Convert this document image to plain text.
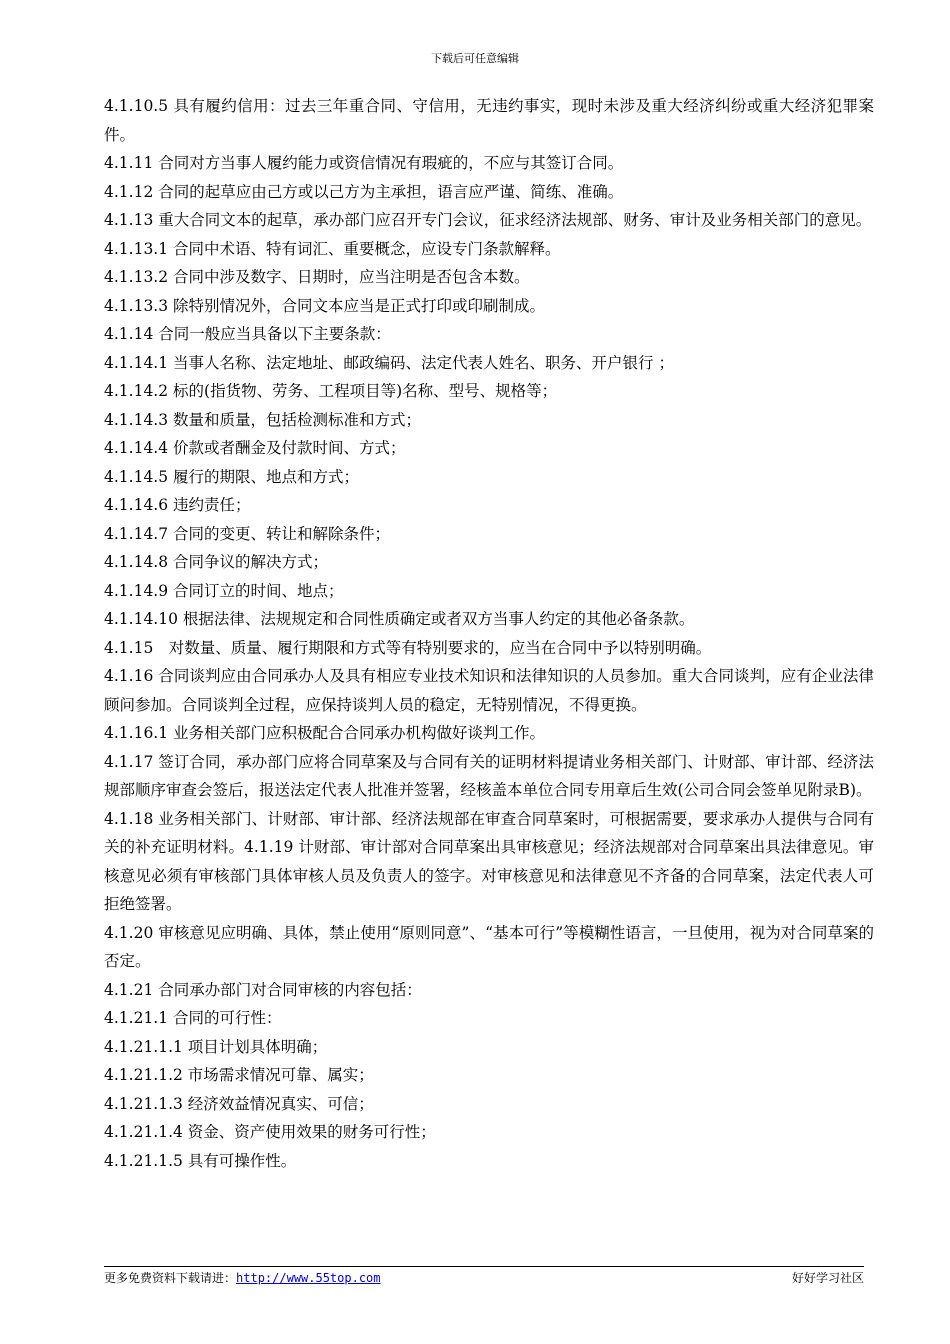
下载后可任意编辑

4.1.10.5 具有履约信用：过去三年重合同、守信用，无违约事实，现时未涉及重大经济纠纷或重大经济犯罪案件。

4.1.11 合同对方当事人履约能力或资信情况有瑕疵的，不应与其签订合同。

4.1.12 合同的起草应由己方或以己方为主承担，语言应严谨、简练、准确。

4.1.13 重大合同文本的起草，承办部门应召开专门会议，征求经济法规部、财务、审计及业务相关部门的意见。

4.1.13.1 合同中术语、特有词汇、重要概念，应设专门条款解释。

4.1.13.2 合同中涉及数字、日期时，应当注明是否包含本数。

4.1.13.3 除特别情况外，合同文本应当是正式打印或印刷制成。

4.1.14 合同一般应当具备以下主要条款：

4.1.14.1 当事人名称、法定地址、邮政编码、法定代表人姓名、职务、开户银行 ；

4.1.14.2 标的(指货物、劳务、工程项目等)名称、型号、规格等；

4.1.14.3 数量和质量，包括检测标准和方式；

4.1.14.4 价款或者酬金及付款时间、方式；

4.1.14.5 履行的期限、地点和方式；

4.1.14.6 违约责任；

4.1.14.7 合同的变更、转让和解除条件；

4.1.14.8 合同争议的解决方式；

4.1.14.9 合同订立的时间、地点；

4.1.14.10 根据法律、法规规定和合同性质确定或者双方当事人约定的其他必备条款。

4.1.15　对数量、质量、履行期限和方式等有特别要求的，应当在合同中予以特别明确。

4.1.16 合同谈判应由合同承办人及具有相应专业技术知识和法律知识的人员参加。重大合同谈判，应有企业法律顾问参加。合同谈判全过程，应保持谈判人员的稳定，无特别情况，不得更换。

4.1.16.1 业务相关部门应积极配合合同承办机构做好谈判工作。

4.1.17 签订合同，承办部门应将合同草案及与合同有关的证明材料提请业务相关部门、计财部、审计部、经济法规部顺序审查会签后，报送法定代表人批准并签署，经核盖本单位合同专用章后生效(公司合同会签单见附录B)。

4.1.18 业务相关部门、计财部、审计部、经济法规部在审查合同草案时，可根据需要，要求承办人提供与合同有关的补充证明材料。4.1.19 计财部、审计部对合同草案出具审核意见；经济法规部对合同草案出具法律意见。审核意见必须有审核部门具体审核人员及负责人的签字。对审核意见和法律意见不齐备的合同草案，法定代表人可拒绝签署。

4.1.20 审核意见应明确、具体，禁止使用“原则同意”、“基本可行”等模糊性语言，一旦使用，视为对合同草案的否定。

4.1.21 合同承办部门对合同审核的内容包括：

4.1.21.1 合同的可行性：

4.1.21.1.1 项目计划具体明确；

4.1.21.1.2 市场需求情况可靠、属实；

4.1.21.1.3 经济效益情况真实、可信；

4.1.21.1.4 资金、资产使用效果的财务可行性；

4.1.21.1.5 具有可操作性。

更多免费资料下载请进：http://www.55top.com	好好学习社区
